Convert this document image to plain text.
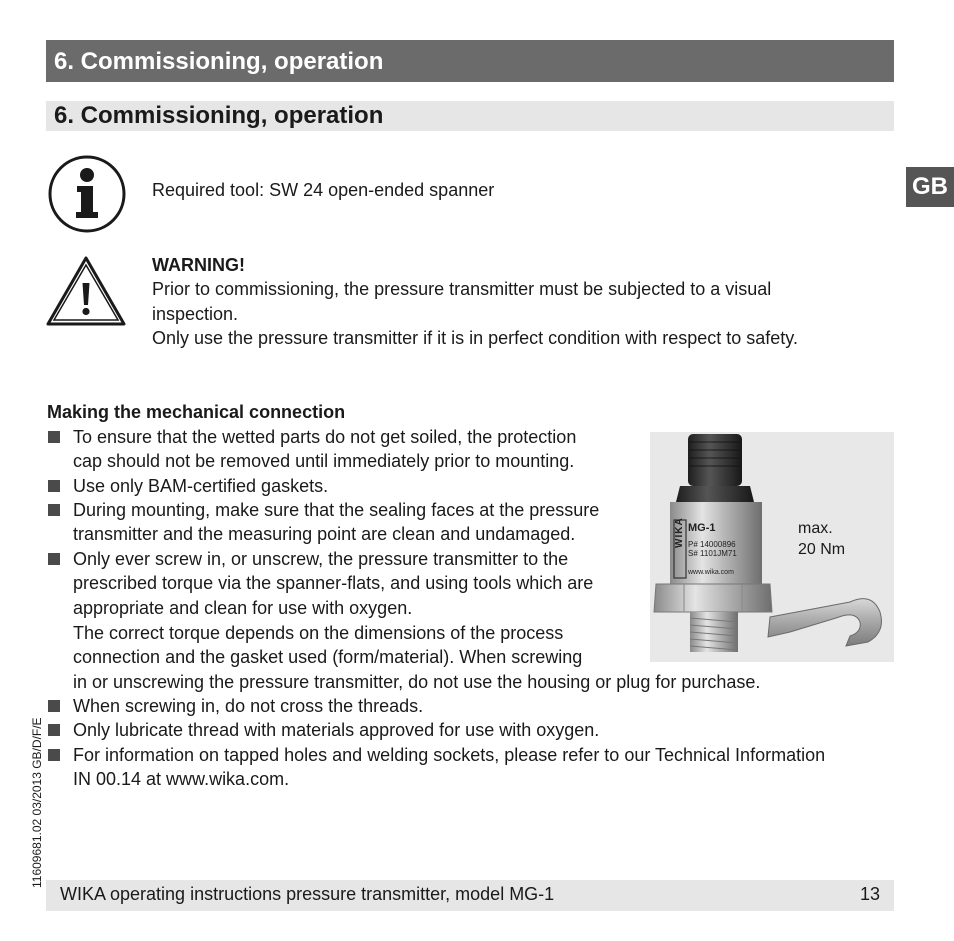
6. Commissioning, operation
6. Commissioning, operation
GB
Required tool: SW 24 open-ended spanner
WARNING!
Prior to commissioning, the pressure transmitter must be subjected to a visual
inspection.
Only use the pressure transmitter if it is in perfect condition with respect to safety.
Making the mechanical connection
To ensure that the wetted parts do not get soiled, the protection
cap should not be removed until immediately prior to mounting.
Use only BAM-certified gaskets.
During mounting, make sure that the sealing faces at the pressure
transmitter and the measuring point are clean and undamaged.
Only ever screw in, or unscrew, the pressure transmitter to the
prescribed torque via the spanner-flats, and using tools which are
appropriate and clean for use with oxygen.
The correct torque depends on the dimensions of the process
connection and the gasket used (form/material). When screwing
in or unscrewing the pressure transmitter, do not use the housing or plug for purchase.
When screwing in, do not cross the threads.
Only lubricate thread with materials approved for use with oxygen.
For information on tapped holes and welding sockets, please refer to our Technical Information
IN 00.14 at www.wika.com.
WIKA MG-1
P# 14000896
S# 1101JM71
www.wika.com
max.
20 Nm
11609681.02 03/2013 GB/D/F/E
WIKA operating instructions pressure transmitter, model MG-1	13
